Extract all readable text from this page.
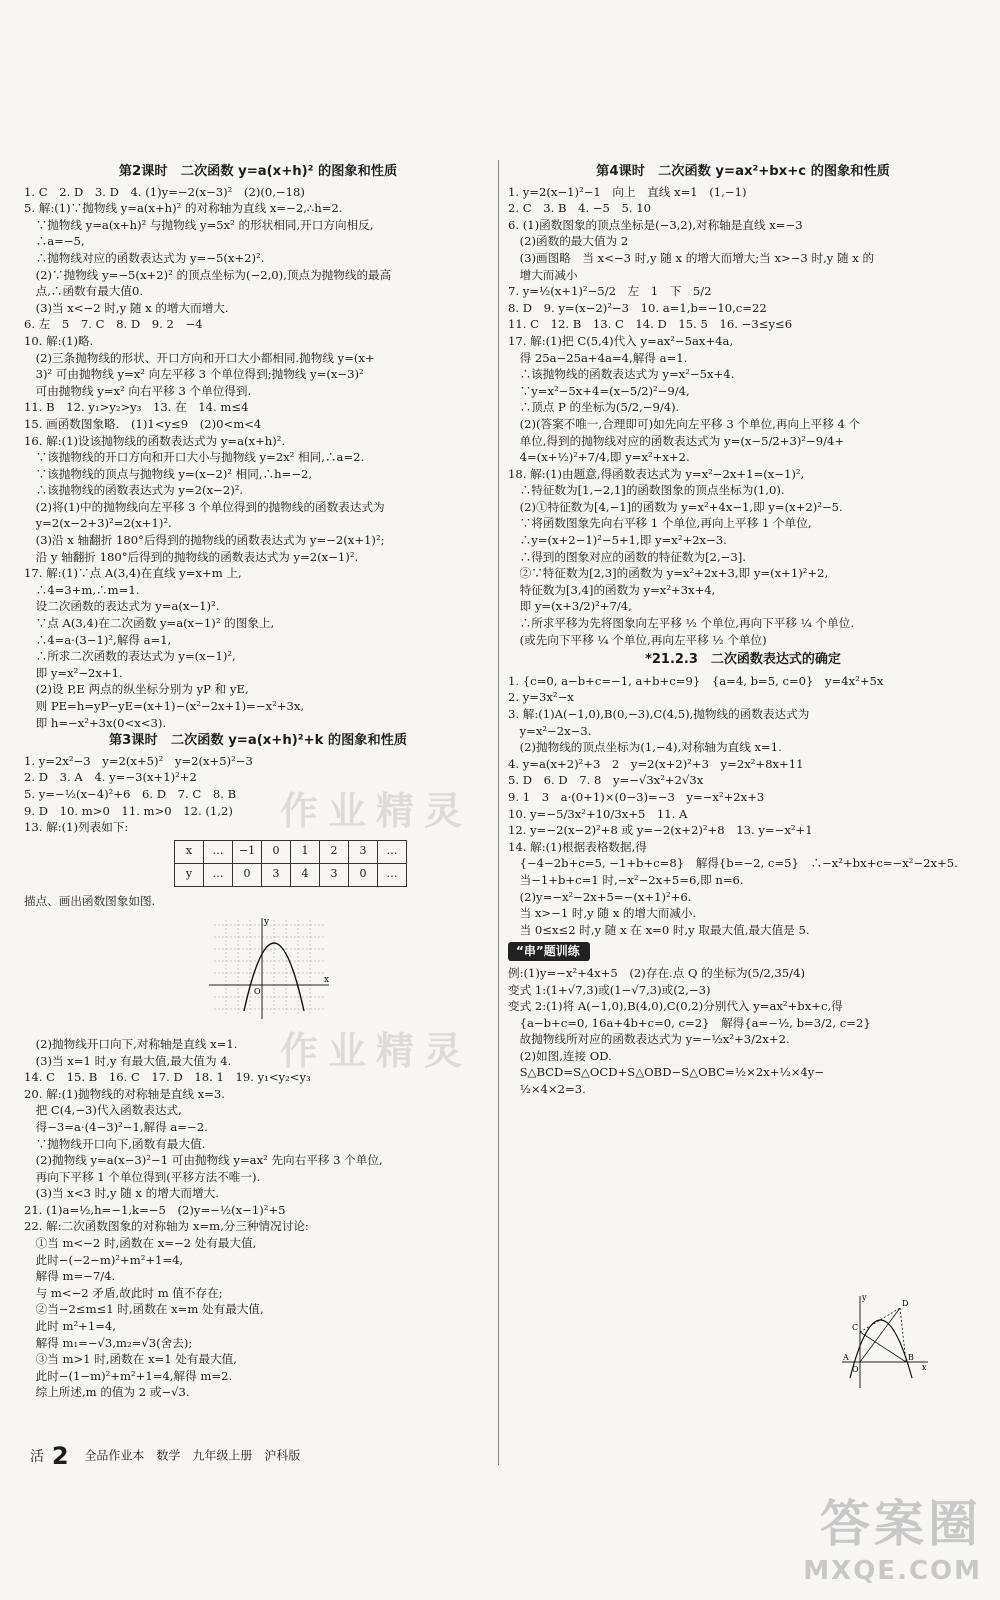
第2课时　二次函数 y=a(x+h)² 的图象和性质
1. C　2. D　3. D　4. (1)y=−2(x−3)²　(2)(0,−18)
5. 解:(1)∵抛物线 y=a(x+h)² 的对称轴为直线 x=−2,∴h=2.
　∵抛物线 y=a(x+h)² 与抛物线 y=5x² 的形状相同,开口方向相反,
　∴a=−5,
　∴抛物线对应的函数表达式为 y=−5(x+2)².
　(2)∵抛物线 y=−5(x+2)² 的顶点坐标为(−2,0),顶点为抛物线的最高
　点,∴函数有最大值0.
　(3)当 x<−2 时,y 随 x 的增大而增大.
6. 左　5　7. C　8. D　9. 2　−4
10. 解:(1)略.
　(2)三条抛物线的形状、开口方向和开口大小都相同.抛物线 y=(x+
　3)² 可由抛物线 y=x² 向左平移 3 个单位得到;抛物线 y=(x−3)²
　可由抛物线 y=x² 向右平移 3 个单位得到.
11. B　12. y₁>y₂>y₃　13. 在　14. m≤4
15. 画函数图象略.　(1)1<y≤9　(2)0<m<4
16. 解:(1)设该抛物线的函数表达式为 y=a(x+h)².
　∵该抛物线的开口方向和开口大小与抛物线 y=2x² 相同,∴a=2.
　∵该抛物线的顶点与抛物线 y=(x−2)² 相同,∴h=−2,
　∴该抛物线的函数表达式为 y=2(x−2)².
　(2)将(1)中的抛物线向左平移 3 个单位得到的抛物线的函数表达式为
　y=2(x−2+3)²=2(x+1)².
　(3)沿 x 轴翻折 180°后得到的抛物线的函数表达式为 y=−2(x+1)²;
　沿 y 轴翻折 180°后得到的抛物线的函数表达式为 y=2(x−1)².
17. 解:(1)∵点 A(3,4)在直线 y=x+m 上,
　∴4=3+m,∴m=1.
　设二次函数的表达式为 y=a(x−1)².
　∵点 A(3,4)在二次函数 y=a(x−1)² 的图象上,
　∴4=a·(3−1)²,解得 a=1,
　∴所求二次函数的表达式为 y=(x−1)²,
　即 y=x²−2x+1.
　(2)设 P,E 两点的纵坐标分别为 yP 和 yE,
　则 PE=h=yP−yE=(x+1)−(x²−2x+1)=−x²+3x,
　即 h=−x²+3x(0<x<3).
第3课时　二次函数 y=a(x+h)²+k 的图象和性质
1. y=2x²−3　y=2(x+5)²　y=2(x+5)²−3
2. D　3. A　4. y=−3(x+1)²+2
5. y=−½(x−4)²+6　6. D　7. C　8. B
9. D　10. m>0　11. m>0　12. (1,2)
13. 解:(1)列表如下:
x	…	−1	0	1	2	3	…
y	…	0	3	4	3	0	…
描点、画出函数图象如图.
x
y
O
　(2)抛物线开口向下,对称轴是直线 x=1.
　(3)当 x=1 时,y 有最大值,最大值为 4.
14. C　15. B　16. C　17. D　18. 1　19. y₁<y₂<y₃
20. 解:(1)抛物线的对称轴是直线 x=3.
　把 C(4,−3)代入函数表达式,
　得−3=a·(4−3)²−1,解得 a=−2.
　∵抛物线开口向下,函数有最大值.
　(2)抛物线 y=a(x−3)²−1 可由抛物线 y=ax² 先向右平移 3 个单位,
　再向下平移 1 个单位得到(平移方法不唯一).
　(3)当 x<3 时,y 随 x 的增大而增大.
21. (1)a=½,h=−1,k=−5　(2)y=−½(x−1)²+5
22. 解:二次函数图象的对称轴为 x=m,分三种情况讨论:
　①当 m<−2 时,函数在 x=−2 处有最大值,
　此时−(−2−m)²+m²+1=4,
　解得 m=−7/4.
　与 m<−2 矛盾,故此时 m 值不存在;
　②当−2≤m≤1 时,函数在 x=m 处有最大值,
　此时 m²+1=4,
　解得 m₁=−√3,m₂=√3(舍去);
　③当 m>1 时,函数在 x=1 处有最大值,
　此时−(1−m)²+m²+1=4,解得 m=2.
　综上所述,m 的值为 2 或−√3.
第4课时　二次函数 y=ax²+bx+c 的图象和性质
1. y=2(x−1)²−1　向上　直线 x=1　(1,−1)
2. C　3. B　4. −5　5. 10
6. (1)函数图象的顶点坐标是(−3,2),对称轴是直线 x=−3
　(2)函数的最大值为 2
　(3)画图略　当 x<−3 时,y 随 x 的增大而增大;当 x>−3 时,y 随 x 的
　增大而减小
7. y=½(x+1)²−5/2　左　1　下　5/2
8. D　9. y=(x−2)²−3　10. a=1,b=−10,c=22
11. C　12. B　13. C　14. D　15. 5　16. −3≤y≤6
17. 解:(1)把 C(5,4)代入 y=ax²−5ax+4a,
　得 25a−25a+4a=4,解得 a=1.
　∴该抛物线的函数表达式为 y=x²−5x+4.
　∵y=x²−5x+4=(x−5/2)²−9/4,
　∴顶点 P 的坐标为(5/2,−9/4).
　(2)(答案不唯一,合理即可)如先向左平移 3 个单位,再向上平移 4 个
　单位,得到的抛物线对应的函数表达式为 y=(x−5/2+3)²−9/4+
　4=(x+½)²+7/4,即 y=x²+x+2.
18. 解:(1)由题意,得函数表达式为 y=x²−2x+1=(x−1)²,
　∴特征数为[1,−2,1]的函数图象的顶点坐标为(1,0).
　(2)①特征数为[4,−1]的函数为 y=x²+4x−1,即 y=(x+2)²−5.
　∵将函数图象先向右平移 1 个单位,再向上平移 1 个单位,
　∴y=(x+2−1)²−5+1,即 y=x²+2x−3.
　∴得到的图象对应的函数的特征数为[2,−3].
　②∵特征数为[2,3]的函数为 y=x²+2x+3,即 y=(x+1)²+2,
　特征数为[3,4]的函数为 y=x²+3x+4,
　即 y=(x+3/2)²+7/4,
　∴所求平移为先将图象向左平移 ½ 个单位,再向下平移 ¼ 个单位.
　(或先向下平移 ¼ 个单位,再向左平移 ½ 个单位)
*21.2.3　二次函数表达式的确定
1. {c=0, a−b+c=−1, a+b+c=9}　{a=4, b=5, c=0}　y=4x²+5x
2. y=3x²−x
3. 解:(1)A(−1,0),B(0,−3),C(4,5),抛物线的函数表达式为
　y=x²−2x−3.
　(2)抛物线的顶点坐标为(1,−4),对称轴为直线 x=1.
4. y=a(x+2)²+3　2　y=2(x+2)²+3　y=2x²+8x+11
5. D　6. D　7. 8　y=−√3x²+2√3x
9. 1　3　a·(0+1)×(0−3)=−3　y=−x²+2x+3
10. y=−5/3x²+10/3x+5　11. A
12. y=−2(x−2)²+8 或 y=−2(x+2)²+8　13. y=−x²+1
14. 解:(1)根据表格数据,得
　{−4−2b+c=5, −1+b+c=8}　解得{b=−2, c=5}　∴−x²+bx+c=−x²−2x+5.
　当−1+b+c=1 时,−x²−2x+5=6,即 n=6.
　(2)y=−x²−2x+5=−(x+1)²+6.
　当 x>−1 时,y 随 x 的增大而减小.
　当 0≤x≤2 时,y 随 x 在 x=0 时,y 取最大值,最大值是 5.
“串”题训练
例:(1)y=−x²+4x+5　(2)存在.点 Q 的坐标为(5/2,35/4)
变式 1:(1+√7,3)或(1−√7,3)或(2,−3)
变式 2:(1)将 A(−1,0),B(4,0),C(0,2)分别代入 y=ax²+bx+c,得
　{a−b+c=0, 16a+4b+c=0, c=2}　解得{a=−½, b=3/2, c=2}
　故抛物线所对应的函数表达式为 y=−½x²+3/2x+2.
　(2)如图,连接 OD.
　S△BCD=S△OCD+S△OBD−S△OBC=½×2x+½×4y−
　½×4×2=3.
C
D
B
A
O	x
y
活 2 全品作业本　数学　九年级上册　沪科版
作业精灵
作业精灵
答案圈
MXQE.COM
